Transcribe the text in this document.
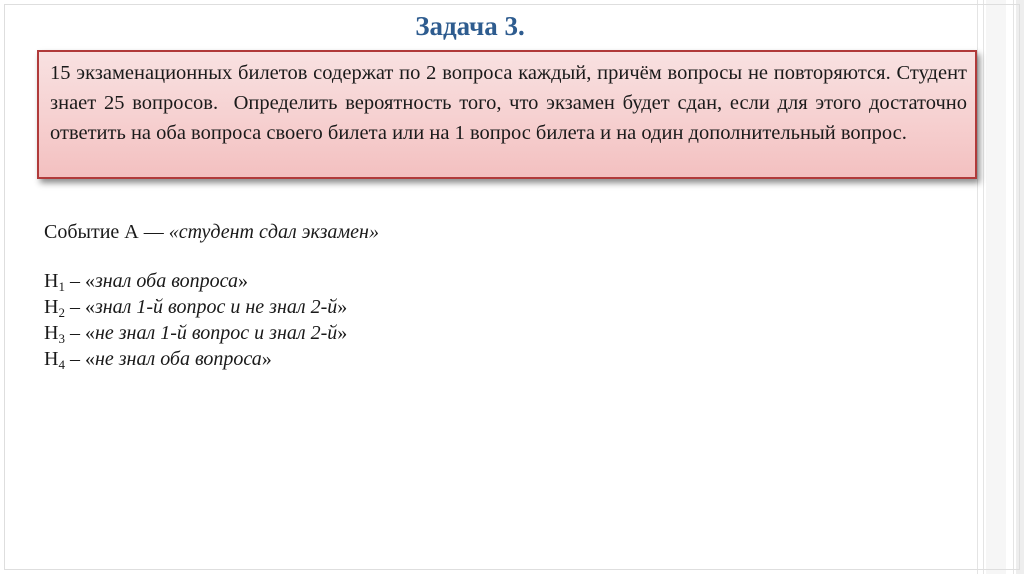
Задача 3.

15 экзаменационных билетов содержат по 2 вопроса каждый, причём вопросы не повторяются. Студент знает 25 вопросов.  Определить вероятность того, что экзамен будет сдан, если для этого достаточно ответить на оба вопроса своего билета или на 1 вопрос билета и на один дополнительный вопрос.

Событие А — «студент сдал экзамен»
$H_1$ – «знал оба вопроса»
$H_2$ – «знал 1-й вопрос и не знал 2-й»
$H_3$ – «не знал 1-й вопрос и знал 2-й»
$H_4$ – «не знал оба вопроса»
